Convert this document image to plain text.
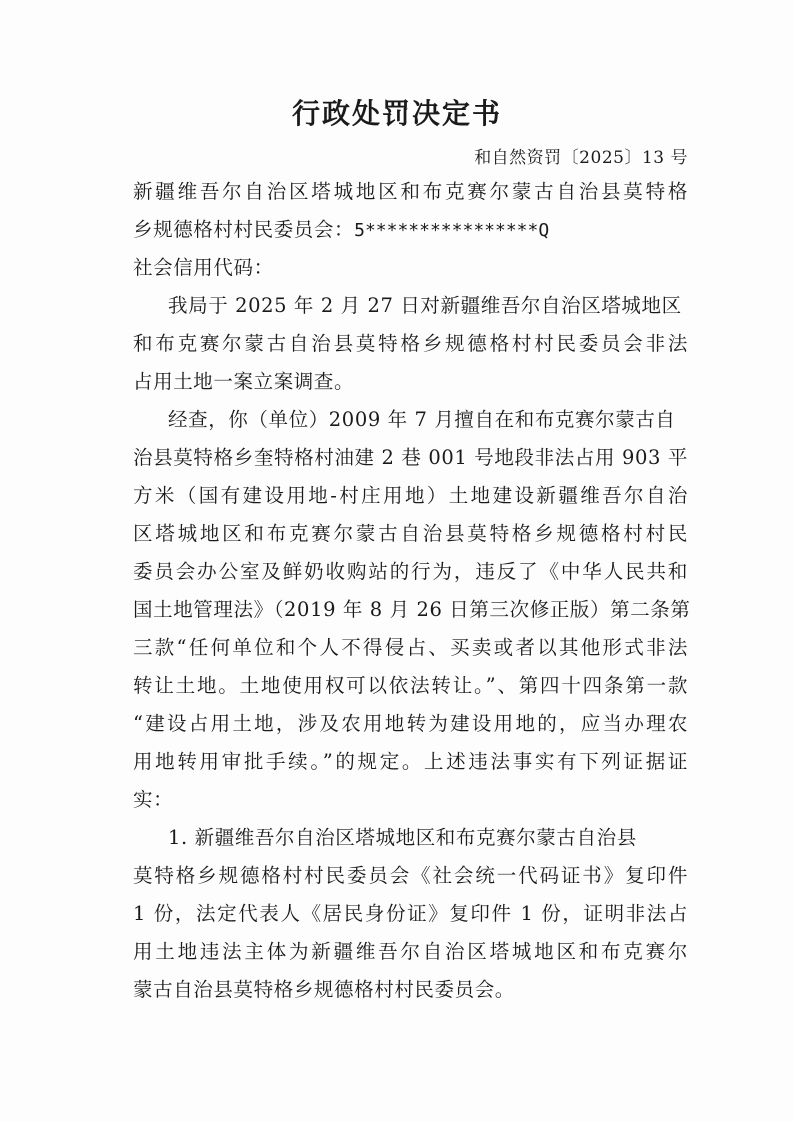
行政处罚决定书
和自然资罚〔2025〕13 号
新疆维吾尔自治区塔城地区和布克赛尔蒙古自治县莫特格
乡规德格村村民委员会：5****************Q
社会信用代码：
我局于 2025 年 2 月 27 日对新疆维吾尔自治区塔城地区
和布克赛尔蒙古自治县莫特格乡规德格村村民委员会非法
占用土地一案立案调查。
经查，你（单位）2009 年 7 月擅自在和布克赛尔蒙古自
治县莫特格乡奎特格村油建 2 巷 001 号地段非法占用 903 平
方米（国有建设用地-村庄用地）土地建设新疆维吾尔自治
区塔城地区和布克赛尔蒙古自治县莫特格乡规德格村村民
委员会办公室及鲜奶收购站的行为，违反了《中华人民共和
国土地管理法》（2019 年 8 月 26 日第三次修正版）第二条第
三款“任何单位和个人不得侵占、买卖或者以其他形式非法
转让土地。土地使用权可以依法转让。”、第四十四条第一款
“建设占用土地，涉及农用地转为建设用地的，应当办理农
用地转用审批手续。”的规定。上述违法事实有下列证据证
实：
1. 新疆维吾尔自治区塔城地区和布克赛尔蒙古自治县
莫特格乡规德格村村民委员会《社会统一代码证书》复印件
1 份，法定代表人《居民身份证》复印件 1 份，证明非法占
用土地违法主体为新疆维吾尔自治区塔城地区和布克赛尔
蒙古自治县莫特格乡规德格村村民委员会。
